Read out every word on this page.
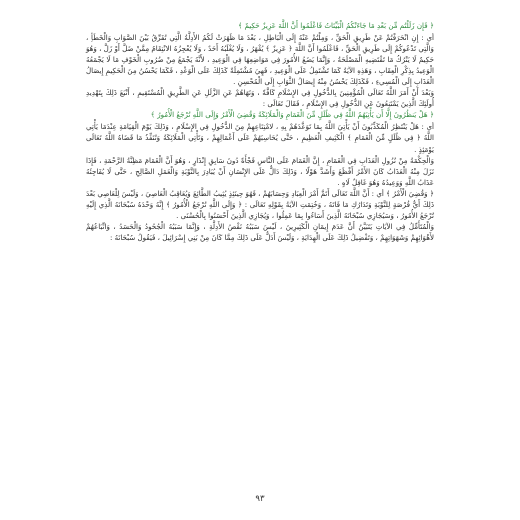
﴿ فَإِن زَلَلْتُم مِّن بَعْدِ مَا جَاءَتْكُمُ الْبَيِّنَاتُ فَاعْلَمُوا أَنَّ اللَّهَ عَزِيزٌ حَكِيمٌ ﴾

أي : إِنِ انْحَرَفْتُمْ عَنْ طَرِيقِ الْحَقِّ ، وَمِلْتُمْ عَنْهُ إِلَى الْبَاطِلِ ، بَعْدَ مَا ظَهَرَتْ لَكُمُ الأَدِلَّةُ الَّتِي تُفَرِّقُ بَيْنَ الصَّوَابِ وَالْخَطَأِ ، وَالَّتِي تَدْعُوكُمْ إِلَى طَرِيقِ الْحَقِّ ، فَاعْلَمُوا أَنَّ اللَّهَ ﴿ عَزِيزٌ ﴾ يُقْهَرُ ، وَلَا يُغْلَبُهُ أَحَدٌ ، وَلَا يُعْجِزُهُ الانْتِقَامُ مِمَّنْ ضَلَّ أَوْ زَلَّ ، وَهُوَ حَكِيمٌ لَا يَتْرُكُ مَا تَقْتَضِيهِ الْمَصْلَحَةُ ، وَإِنَّمَا يَضَعُ الأُمُورَ فِي مَوَاضِعِهَا فِي الْوَعِيدِ ، لأَنَّهُ يَجْمَعُ مِنْ ضُرُوبِ الْخَوْفِ مَا لَا يَجْمَعُهُ الْوَعِيدُ بِذِكْرِ الْعِقَابِ ، وَهَذِهِ الآيَةُ كَمَا تَشْتَمِلُ عَلَى الْوَعِيدِ ، فَهِيَ مُشْتَمِلَةٌ كَذَلِكَ عَلَى الْوَعْدِ ، فَكَمَا يَحْسُنُ مِنَ الْحَكِيمِ إِيصَالُ الْعَذَابِ إِلَى الْمُسِيءِ ، فَكَذَلِكَ يَحْسُنُ مِنْهُ إِيصَالُ الثَّوَابِ إِلَى الْمُحْسِنِ .

وَبَعْدَ أَنْ أَمَرَ اللَّهُ تَعَالَى الْمُؤْمِنِينَ بِالدُّخُولِ فِي الإِسْلَامِ كَافَّةً ، وَنَهَاهُمْ عَنِ الزَّلَلِ عَنِ الطَّرِيقِ الْمُسْتَقِيمِ ، أَتْبَعَ ذَلِكَ بِتَهْدِيدِ أُولَئِكَ الَّذِينَ يَمْتَنِعُونَ عَنِ الدُّخُولِ فِي الإِسْلَامِ ، فَقَالَ تَعَالَى :

﴿ هَلْ يَنظُرُونَ إِلَّا أَن يَأْتِيَهُمُ اللَّهُ فِي ظُلَلٍ مِّنَ الْغَمَامِ وَالْمَلَائِكَةُ وَقُضِيَ الْأَمْرُ وَإِلَى اللَّهِ تُرْجَعُ الْأُمُورُ ﴾

أي : هَلْ يَنْتَظِرُ الْمُكَذِّبُونَ أَنْ يَأْتِيَ اللَّهُ بِمَا تَوَعَّدَهُمْ بِهِ ، لامْتِنَاعِهِمْ مِنَ الدُّخُولِ فِي الإِسْلَامِ ، وَذَلِكَ يَوْمَ الْقِيَامَةِ عِنْدَمَا يَأْتِي اللَّهُ ﴿ فِي ظُلَلٍ مِّنَ الْغَمَامِ ﴾ الْكَثِيفِ الْعَظِيمِ ، حَتَّى يُحَاسِبَهُمْ عَلَى أَعْمَالِهِمْ ، وَتَأْتِي الْمَلَائِكَةُ وَتُنَفِّذُ مَا قَضَاهُ اللَّهُ تَعَالَى يَوْمَئِذٍ .

وَالْحِكْمَةُ مِنْ نُزُولِ الْعَذَابِ فِي الْغَمَامِ ، إِنَّ الْغَمَامَ عَلَى النَّاسِ فَجْأَةً دُونَ سَابِقِ إِنْذَارٍ ، وَهُوَ أَنَّ الْغَمَامَ مَظِنَّةُ الرَّحْمَةِ ، فَإِذَا نَزَلَ مِنْهُ الْعَذَابُ كَانَ الأَمْرُ أَفْظَعَ وَأَشَدَّ هَوْلًا ، وَذَلِكَ دَالٌّ عَلَى الإِنْسَانِ أَنْ يُبَادِرَ بِالتَّوْبَةِ وَالْعَمَلِ الصَّالِحِ ، حَتَّى لَا يُفَاجِئَهُ عَذَابُ اللَّهِ وَوَعِيدُهُ وَهُوَ غَافِلٌ لَاهٍ .

﴿ وَقُضِيَ الْأَمْرُ ﴾ أي : أَنَّ اللَّهَ تَعَالَى أَتَمَّ أَمْرَ الْعِبَادِ وَحِسَابَهُمْ ، فَهُوَ حِينَئِذٍ يُثِيبُ الطَّائِعَ وَيُعَاقِبُ الْعَاصِيَ ، وَلَيْسَ لِلْعَاصِي بَعْدَ ذَلِكَ أَيُّ فُرْصَةٍ لِلتَّوْبَةِ وَتَدَارُكِ مَا فَاتَهُ ، وَخُتِمَتِ الآيَةُ بِقَوْلِهِ تَعَالَى : ﴿ وَإِلَى اللَّهِ تُرْجَعُ الْأُمُورُ ﴾ إِنَّهُ وَحْدَهُ سُبْحَانَهُ الَّذِي إِلَيْهِ تُرْجَعُ الأُمُورُ ، وَسَيُجَازِي سُبْحَانَهُ الَّذِينَ أَسَاءُوا بِمَا عَمِلُوا ، وَيُجَازِي الَّذِينَ أَحْسَنُوا بِالْحُسْنَى .

وَالْمُتَأَمِّلُ فِي الآيَاتِ يَتَبَيَّنُ أَنَّ عَدَمَ إِيمَانِ الْكَثِيرِينَ ، لَيْسَ سَبَبُهُ نَقْصُ الأَدِلَّةِ ، وَإِنَّمَا سَبَبُهُ الْجُحُودُ وَالْحَسَدُ ، وَاتِّبَاعُهُمْ لأَهْوَائِهِمْ وَشَهَوَاتِهِمْ ، وَتَفْضِيلُ ذَلِكَ عَلَى الْهِدَايَةِ ، وَلَيْسَ أَدَلُّ عَلَى ذَلِكَ مِمَّا كَانَ مِنْ بَنِي إِسْرَائِيلَ ، فَيَقُولُ سُبْحَانَهُ :

٩٣
